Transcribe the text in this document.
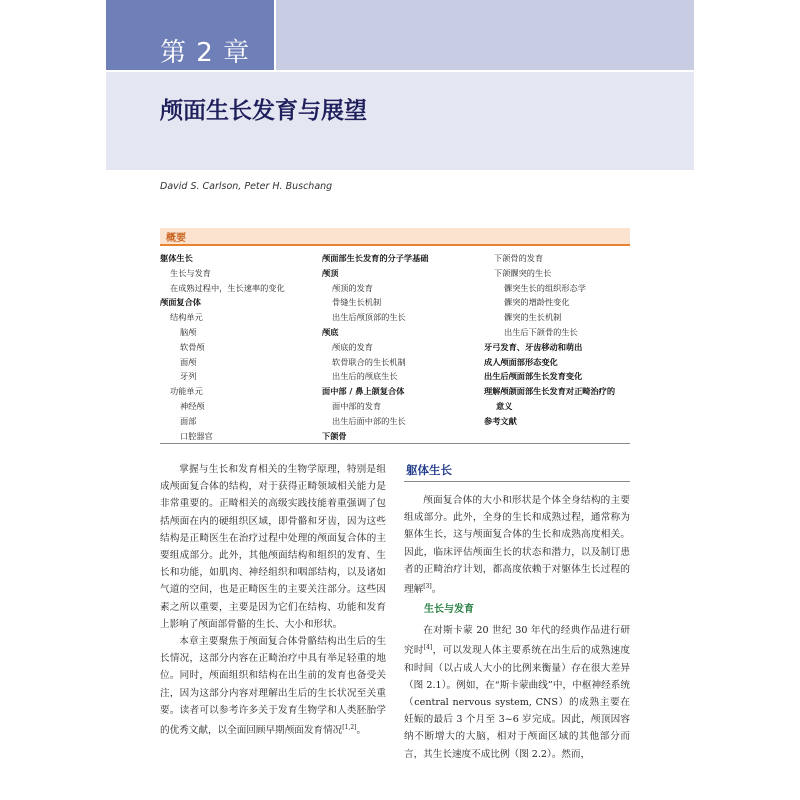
第 2 章
颅面生长发育与展望
David S. Carlson, Peter H. Buschang
概要
躯体生长
生长与发育
在成熟过程中，生长速率的变化
颅面复合体
结构单元
脑颅
软骨颅
面颅
牙列
功能单元
神经颅
面部
口腔器官
颅面部生长发育的分子学基础
颅顶
颅顶的发育
骨缝生长机制
出生后颅顶部的生长
颅底
颅底的发育
软骨联合的生长机制
出生后的颅底生长
面中部 / 鼻上颌复合体
面中部的发育
出生后面中部的生长
下颌骨
下颌骨的发育
下颌髁突的生长
髁突生长的组织形态学
髁突的增龄性变化
髁突的生长机制
出生后下颌骨的生长
牙弓发育、牙齿移动和萌出
成人颅面部形态变化
出生后颅面部生长发育变化
理解颅颌面部生长发育对正畸治疗的
意义
参考文献

掌握与生长和发育相关的生物学原理，特别是组成颅面复合体的结构，对于获得正畸领域相关能力是非常重要的。正畸相关的高级实践技能着重强调了包括颅面在内的硬组织区域，即骨骼和牙齿，因为这些结构是正畸医生在治疗过程中处理的颅面复合体的主要组成部分。此外，其他颅面结构和组织的发育、生长和功能，如肌肉、神经组织和咽部结构，以及诸如气道的空间，也是正畸医生的主要关注部分。这些因素之所以重要，主要是因为它们在结构、功能和发育上影响了颅面部骨骼的生长、大小和形状。

本章主要聚焦于颅面复合体骨骼结构出生后的生长情况，这部分内容在正畸治疗中具有举足轻重的地位。同时，颅面组织和结构在出生前的发育也备受关注，因为这部分内容对理解出生后的生长状况至关重要。读者可以参考许多关于发育生物学和人类胚胎学的优秀文献，以全面回顾早期颅面发育情况[1,2]。

躯体生长

颅面复合体的大小和形状是个体全身结构的主要组成部分。此外，全身的生长和成熟过程，通常称为躯体生长，这与颅面复合体的生长和成熟高度相关。因此，临床评估颅面生长的状态和潜力，以及制订患者的正畸治疗计划，都高度依赖于对躯体生长过程的理解[3]。

生长与发育

在对斯卡蒙 20 世纪 30 年代的经典作品进行研究时[4]，可以发现人体主要系统在出生后的成熟速度和时间（以占成人大小的比例来衡量）存在很大差异（图 2.1）。例如，在“斯卡蒙曲线”中，中枢神经系统（central nervous system, CNS）的成熟主要在妊娠的最后 3 个月至 3~6 岁完成。因此，颅顶因容纳不断增大的大脑，相对于颅面区域的其他部分而言，其生长速度不成比例（图 2.2）。然而，
